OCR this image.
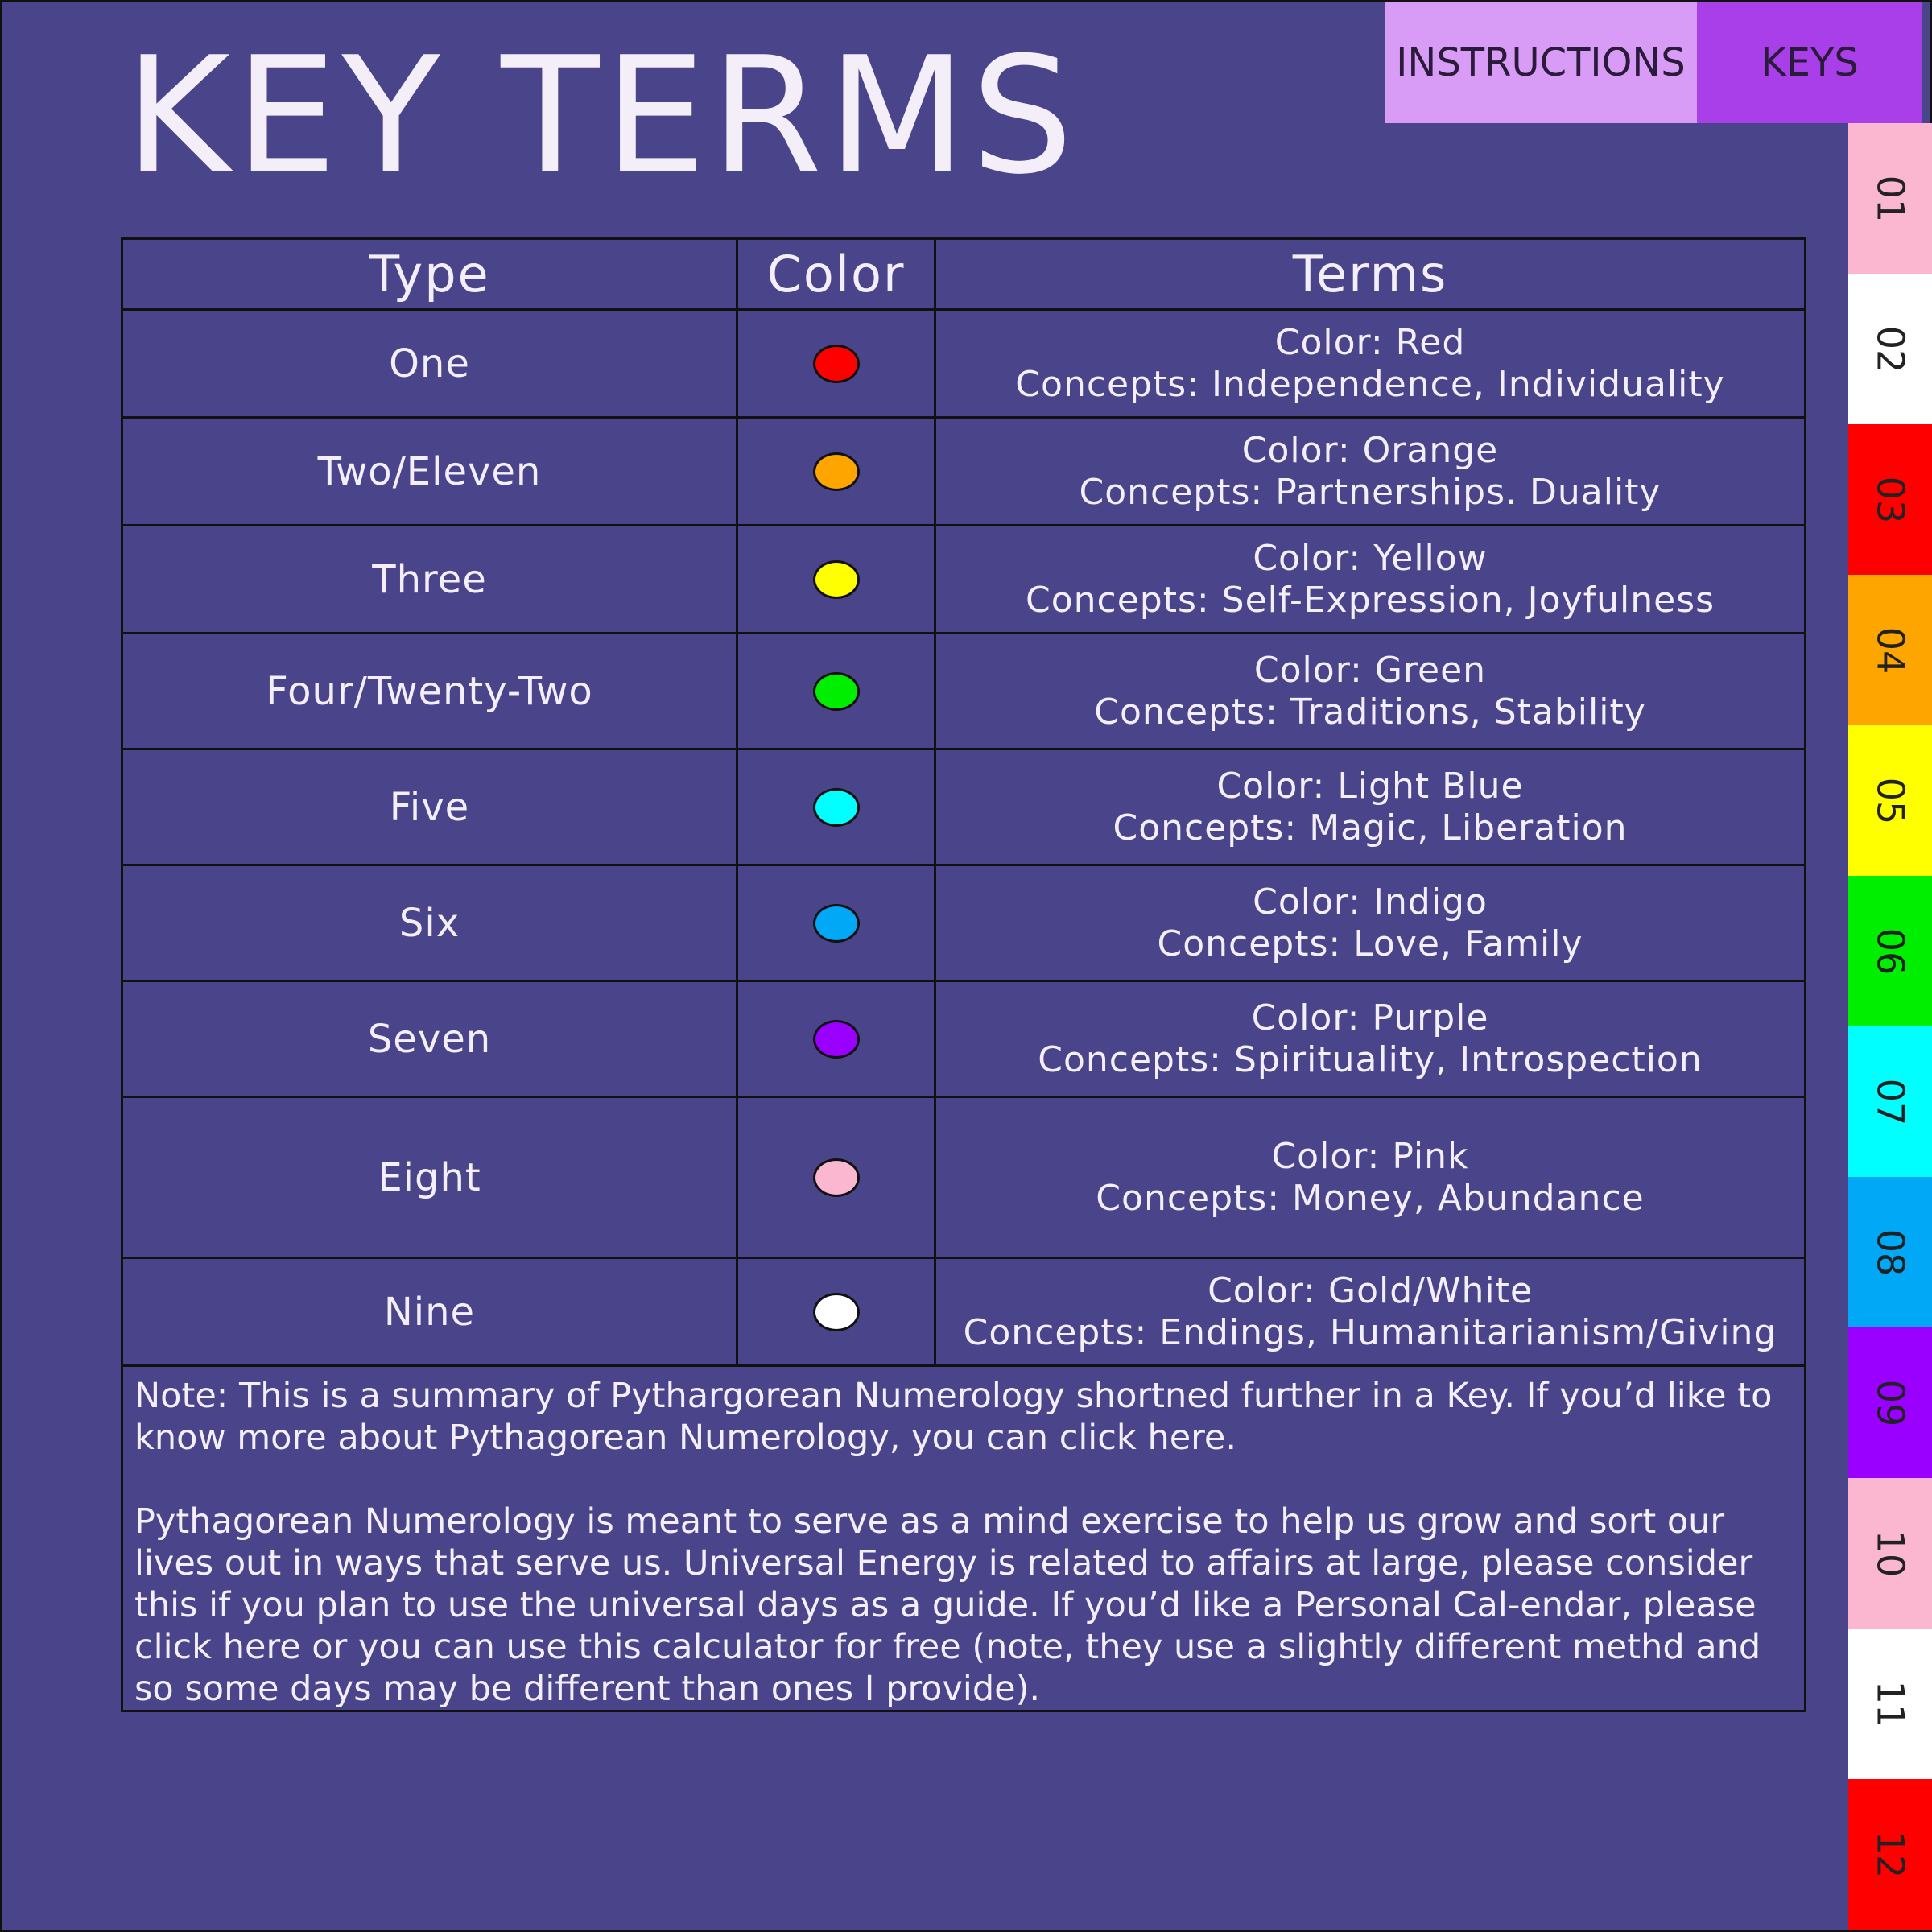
KEY TERMS	INSTRUCTIONS	KEYS
01
02
03
04
05
06
07
08
09
10
11
12
Type	Color	Terms
One		Color: Red
Concepts: Independence, Individuality

Two/Eleven		Color: Orange
Concepts: Partnerships. Duality

Three		Color: Yellow
Concepts: Self-Expression, Joyfulness

Four/Twenty-Two		Color: Green
Concepts: Traditions, Stability

Five		Color: Light Blue
Concepts: Magic, Liberation

Six		Color: Indigo
Concepts: Love, Family

Seven		Color: Purple
Concepts: Spirituality, Introspection

Eight		Color: Pink
Concepts: Money, Abundance

Nine		Color: Gold/White
Concepts: Endings, Humanitarianism/Giving

Note: This is a summary of Pythargorean Numerology shortned further in a Key. If you’d like to know more about Pythagorean Numerology, you can click here.

Pythagorean Numerology is meant to serve as a mind exercise to help us grow and sort our lives out in ways that serve us. Universal Energy is related to affairs at large, please consider this if you plan to use the universal days as a guide. If you’d like a Personal Cal-endar, please click here or you can use this calculator for free (note, they use a slightly different methd and so some days may be different than ones I provide).		
